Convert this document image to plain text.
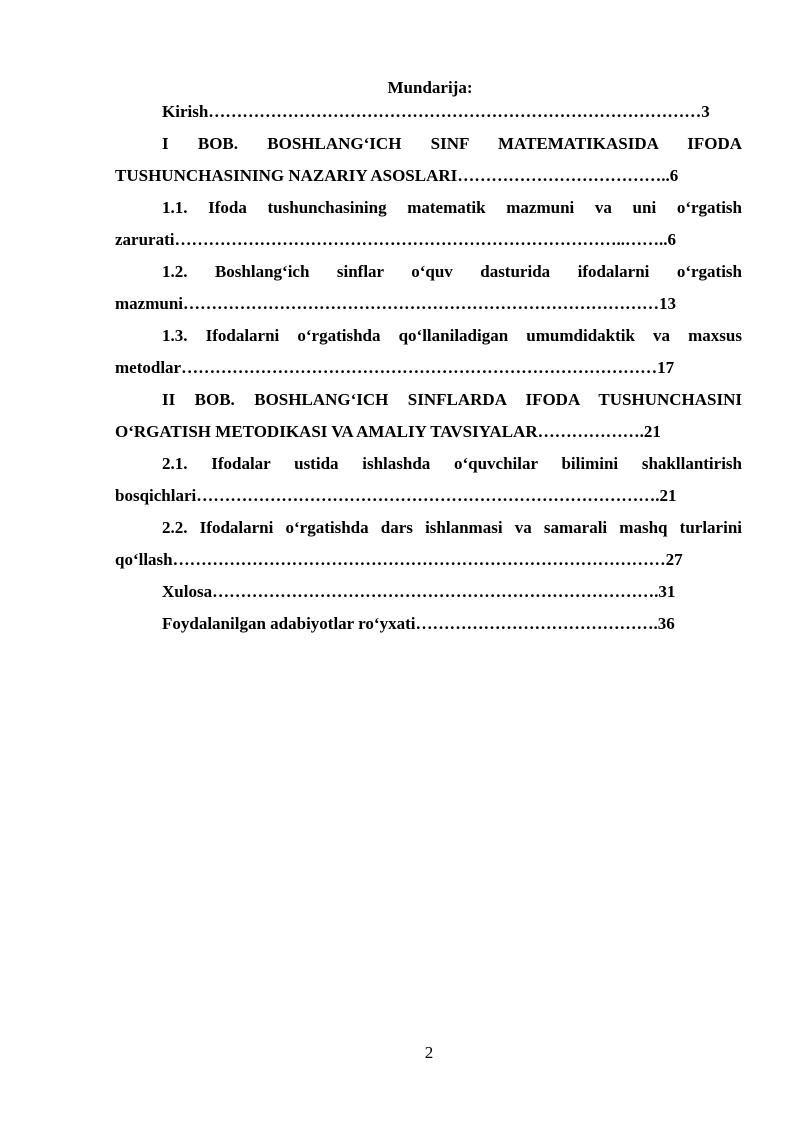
Mundarija:

Kirish……………………………………………………………………………3

I BOB. BOSHLANG‘ICH SINF MATEMATIKASIDA IFODA TUSHUNCHASINING NAZARIY ASOSLARI………………………………..6

1.1. Ifoda tushunchasining matematik mazmuni va uni o‘rgatish zarurati……………………………………………………………………..……..6

1.2. Boshlang‘ich sinflar o‘quv dasturida ifodalarni o‘rgatish mazmuni…………………………………………………………………………13

1.3. Ifodalarni o‘rgatishda qo‘llaniladigan umumdidaktik va maxsus metodlar…………………………………………………………………………17

II BOB. BOSHLANG‘ICH SINFLARDA IFODA TUSHUNCHASINI O‘RGATISH METODIKASI VA AMALIY TAVSIYALAR……………….21

2.1. Ifodalar ustida ishlashda o‘quvchilar bilimini shakllantirish bosqichlari……………………………………………………………………….21

2.2. Ifodalarni o‘rgatishda dars ishlanmasi va samarali mashq turlarini qo‘llash……………………………………………………………………………27

Xulosa…………………………………………………………………….31

Foydalanilgan adabiyotlar ro‘yxati…………………………………….36

2
